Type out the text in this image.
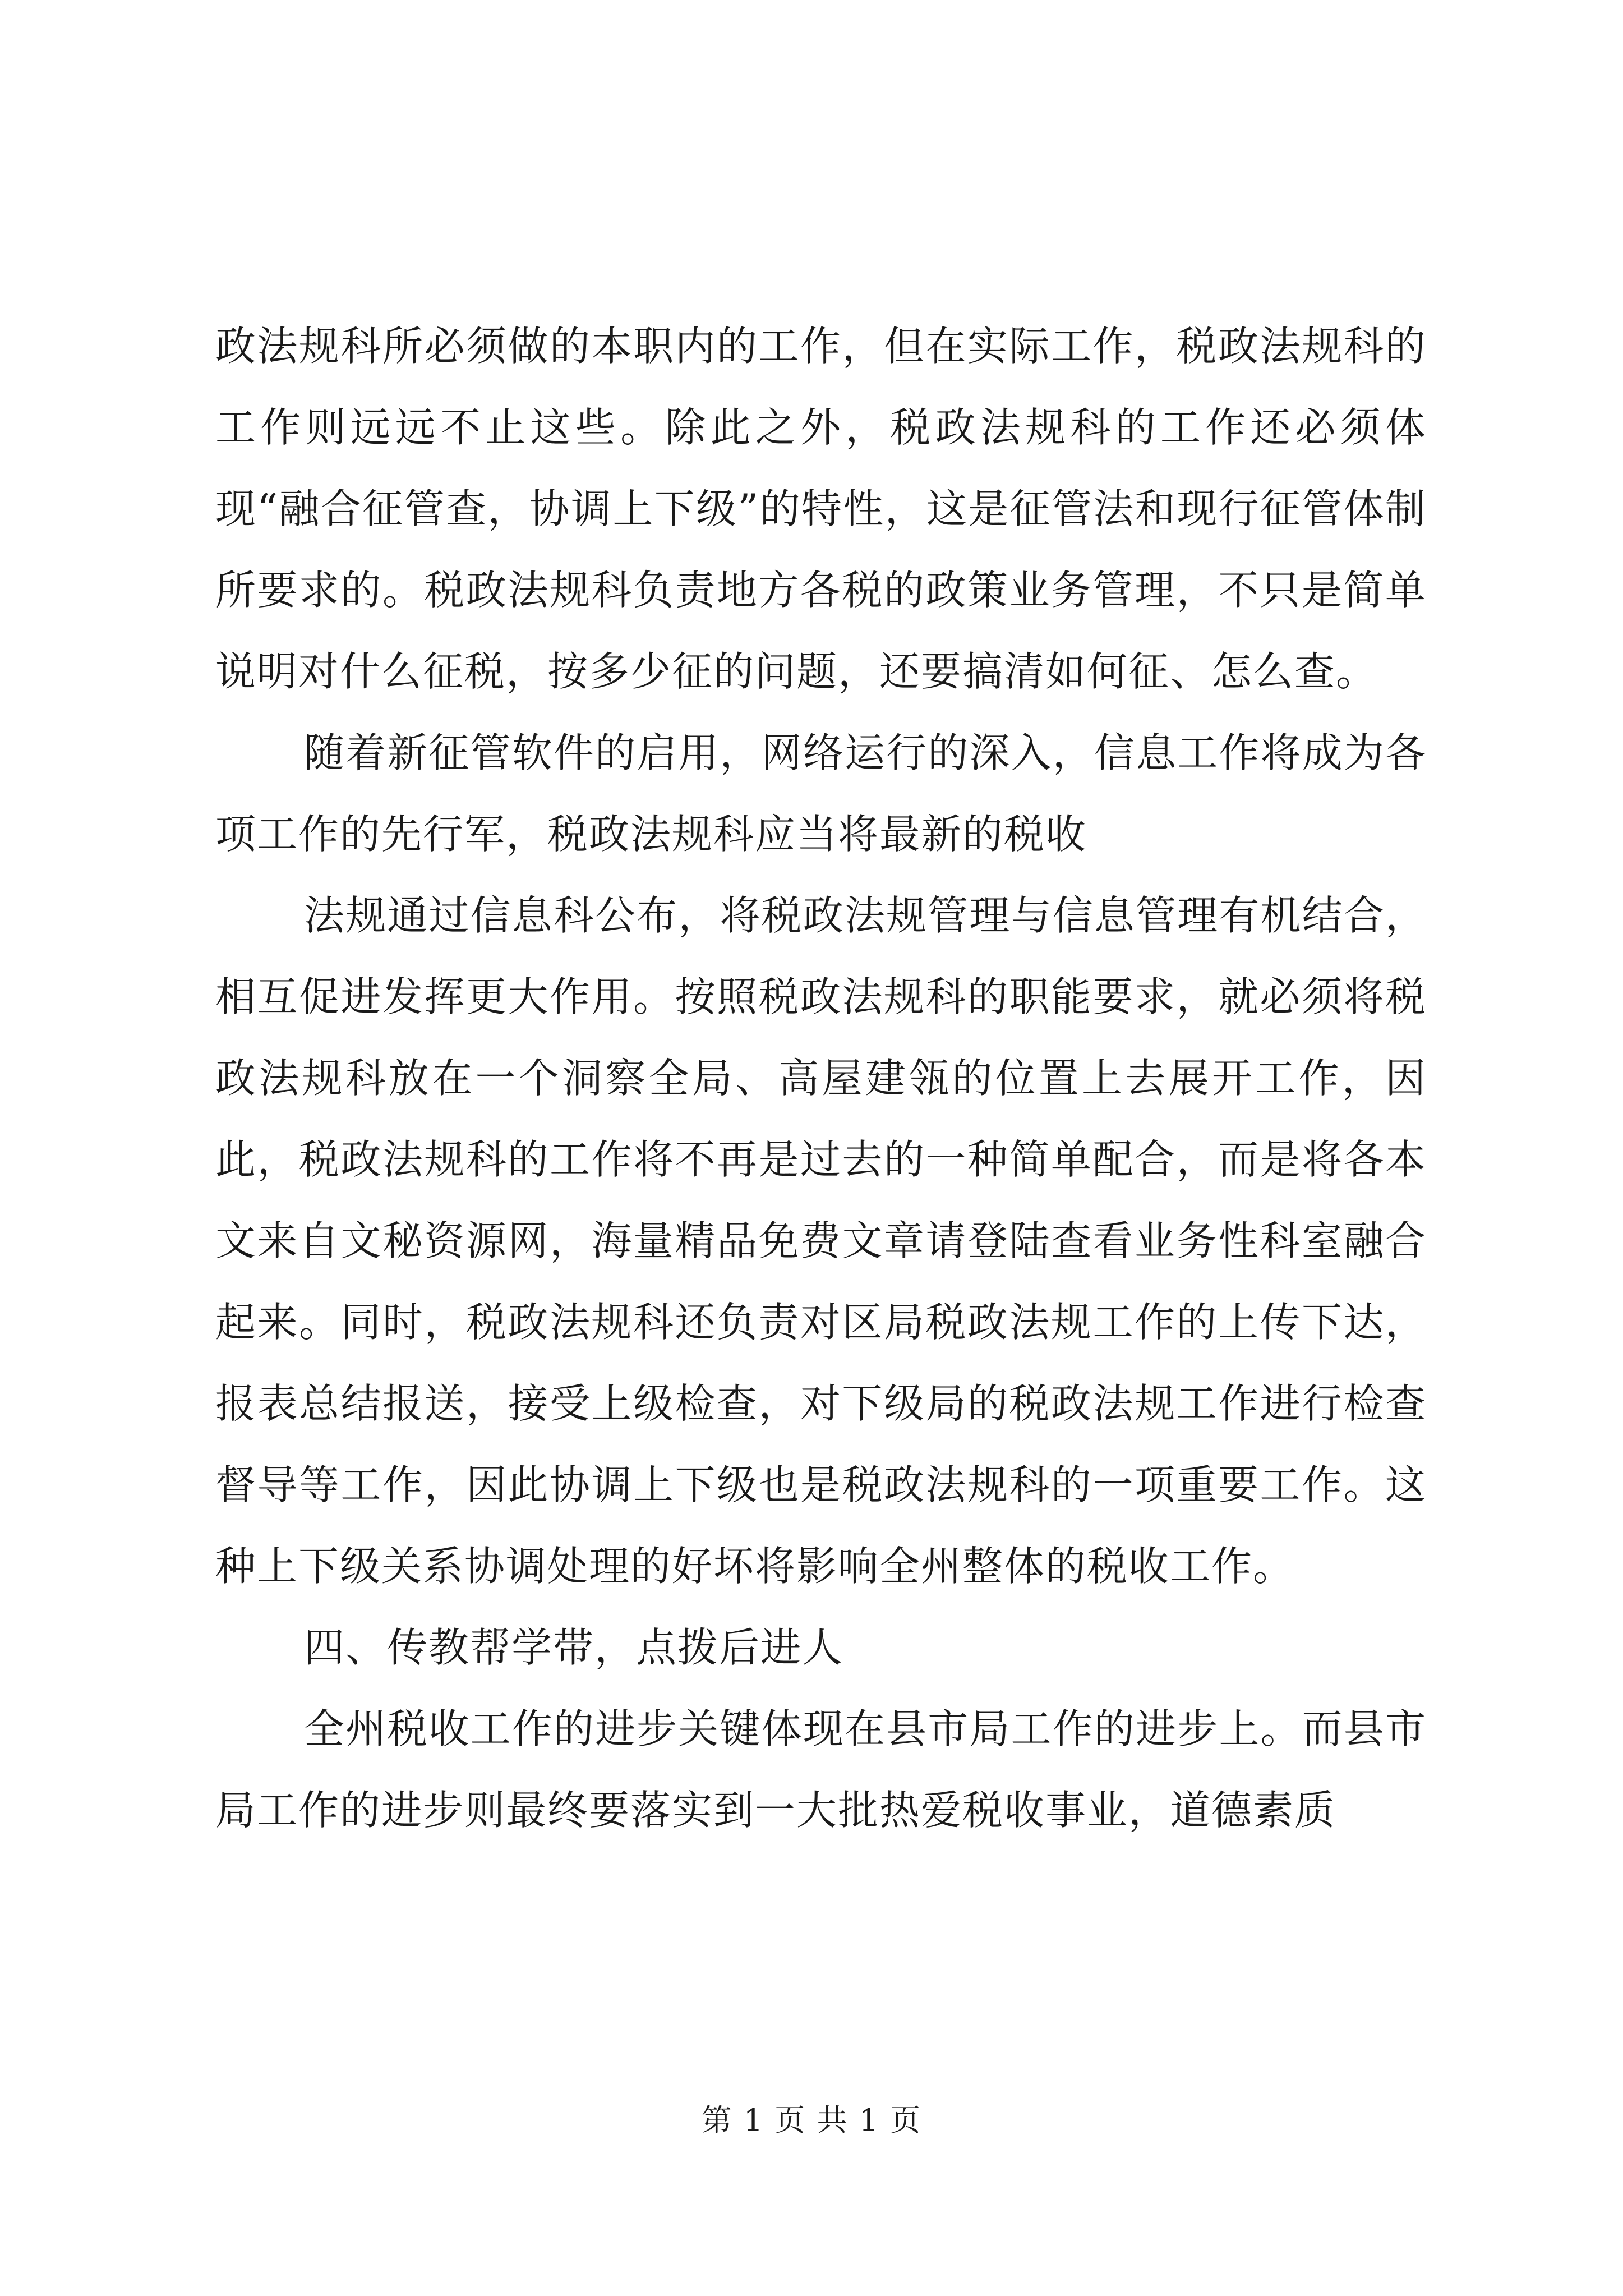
政法规科所必须做的本职内的工作，但在实际工作，税政法规科的工作则远远不止这些。除此之外，税政法规科的工作还必须体现“融合征管查，协调上下级”的特性，这是征管法和现行征管体制所要求的。税政法规科负责地方各税的政策业务管理，不只是简单说明对什么征税，按多少征的问题，还要搞清如何征、怎么查。

随着新征管软件的启用，网络运行的深入，信息工作将成为各项工作的先行军，税政法规科应当将最新的税收

法规通过信息科公布，将税政法规管理与信息管理有机结合，相互促进发挥更大作用。按照税政法规科的职能要求，就必须将税政法规科放在一个洞察全局、高屋建瓴的位置上去展开工作，因此，税政法规科的工作将不再是过去的一种简单配合，而是将各本文来自文秘资源网，海量精品免费文章请登陆查看业务性科室融合起来。同时，税政法规科还负责对区局税政法规工作的上传下达，报表总结报送，接受上级检查，对下级局的税政法规工作进行检查督导等工作，因此协调上下级也是税政法规科的一项重要工作。这种上下级关系协调处理的好坏将影响全州整体的税收工作。

四、传教帮学带，点拨后进人

全州税收工作的进步关键体现在县市局工作的进步上。而县市局工作的进步则最终要落实到一大批热爱税收事业，道德素质

第 1 页 共 1 页
